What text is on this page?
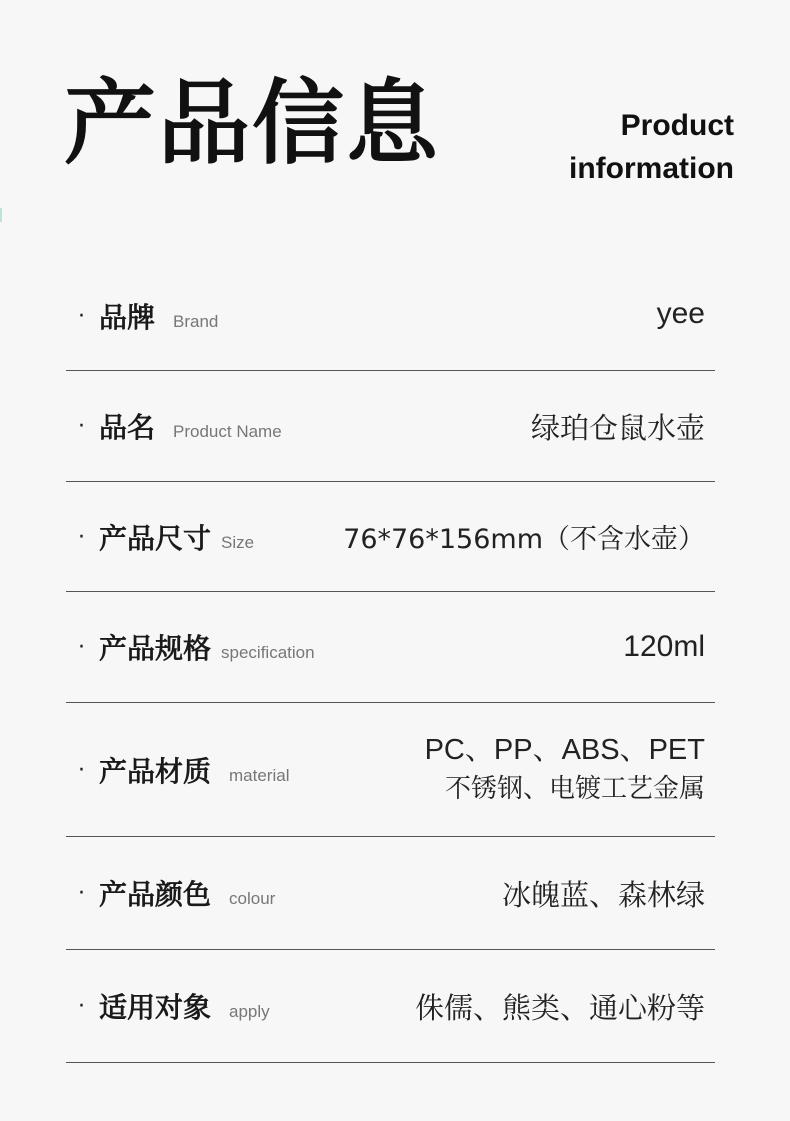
产品信息	Product
information
· 品牌 Brand	yee
· 品名 Product Name	绿珀仓鼠水壶
· 产品尺寸 Size	76*76*156mm（不含水壶）
· 产品规格 specification	120ml
· 产品材质 material
PC、PP、ABS、PET
不锈钢、电镀工艺金属
· 产品颜色 colour	冰魄蓝、森林绿
· 适用对象 apply	侏儒、熊类、通心粉等
